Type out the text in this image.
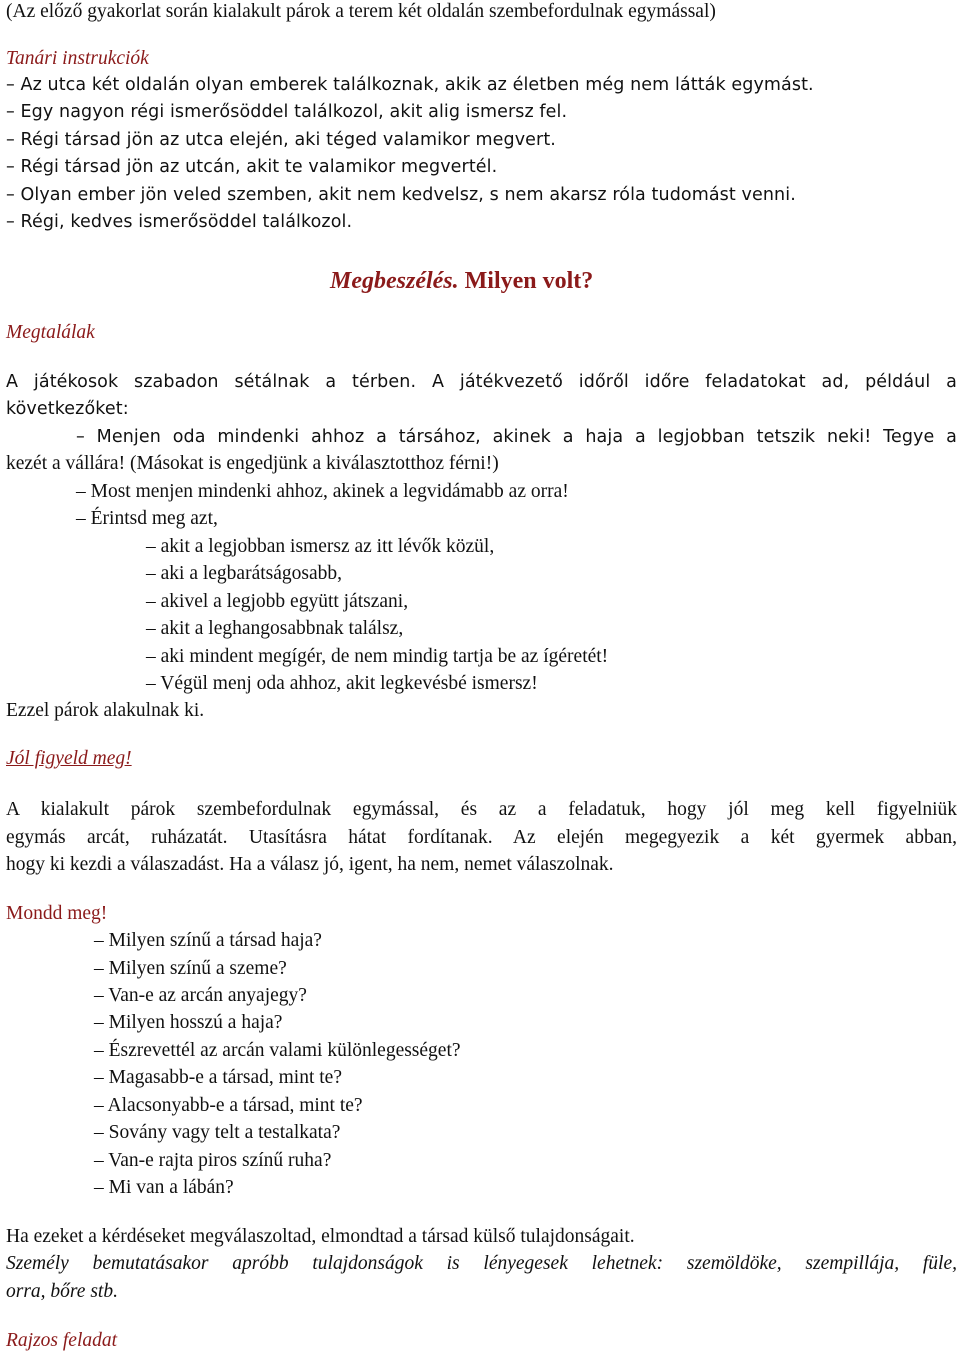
(Az előző gyakorlat során kialakult párok a terem két oldalán szembefordulnak egymással)
Tanári instrukciók
– Az utca két oldalán olyan emberek találkoznak, akik az életben még nem látták egymást.
– Egy nagyon régi ismerősöddel találkozol, akit alig ismersz fel.
– Régi társad jön az utca elején, aki téged valamikor megvert.
– Régi társad jön az utcán, akit te valamikor megvertél.
– Olyan ember jön veled szemben, akit nem kedvelsz, s nem akarsz róla tudomást venni.
– Régi, kedves ismerősöddel találkozol.
Megbeszélés. Milyen volt?
Megtalálak
A játékosok szabadon sétálnak a térben. A játékvezető időről időre feladatokat ad, például a
következőket:
– Menjen oda mindenki ahhoz a társához, akinek a haja a legjobban tetszik neki! Tegye a
kezét a vállára! (Másokat is engedjünk a kiválasztotthoz férni!)
– Most menjen mindenki ahhoz, akinek a legvidámabb az orra!
– Érintsd meg azt,
– akit a legjobban ismersz az itt lévők közül,
– aki a legbarátságosabb,
– akivel a legjobb együtt játszani,
– akit a leghangosabbnak találsz,
– aki mindent megígér, de nem mindig tartja be az ígéretét!
– Végül menj oda ahhoz, akit legkevésbé ismersz!
Ezzel párok alakulnak ki.
Jól figyeld meg!
A kialakult párok szembefordulnak egymással, és az a feladatuk, hogy jól meg kell figyelniük
egymás arcát, ruházatát. Utasításra hátat fordítanak. Az elején megegyezik a két gyermek abban,
hogy ki kezdi a válaszadást. Ha a válasz jó, igent, ha nem, nemet válaszolnak.
Mondd meg!
– Milyen színű a társad haja?
– Milyen színű a szeme?
– Van-e az arcán anyajegy?
– Milyen hosszú a haja?
– Észrevettél az arcán valami különlegességet?
– Magasabb-e a társad, mint te?
– Alacsonyabb-e a társad, mint te?
– Sovány vagy telt a testalkata?
– Van-e rajta piros színű ruha?
– Mi van a lábán?
Ha ezeket a kérdéseket megválaszoltad, elmondtad a társad külső tulajdonságait.
Személy bemutatásakor apróbb tulajdonságok is lényegesek lehetnek: szemöldöke, szempillája, füle,
orra, bőre stb.
Rajzos feladat
